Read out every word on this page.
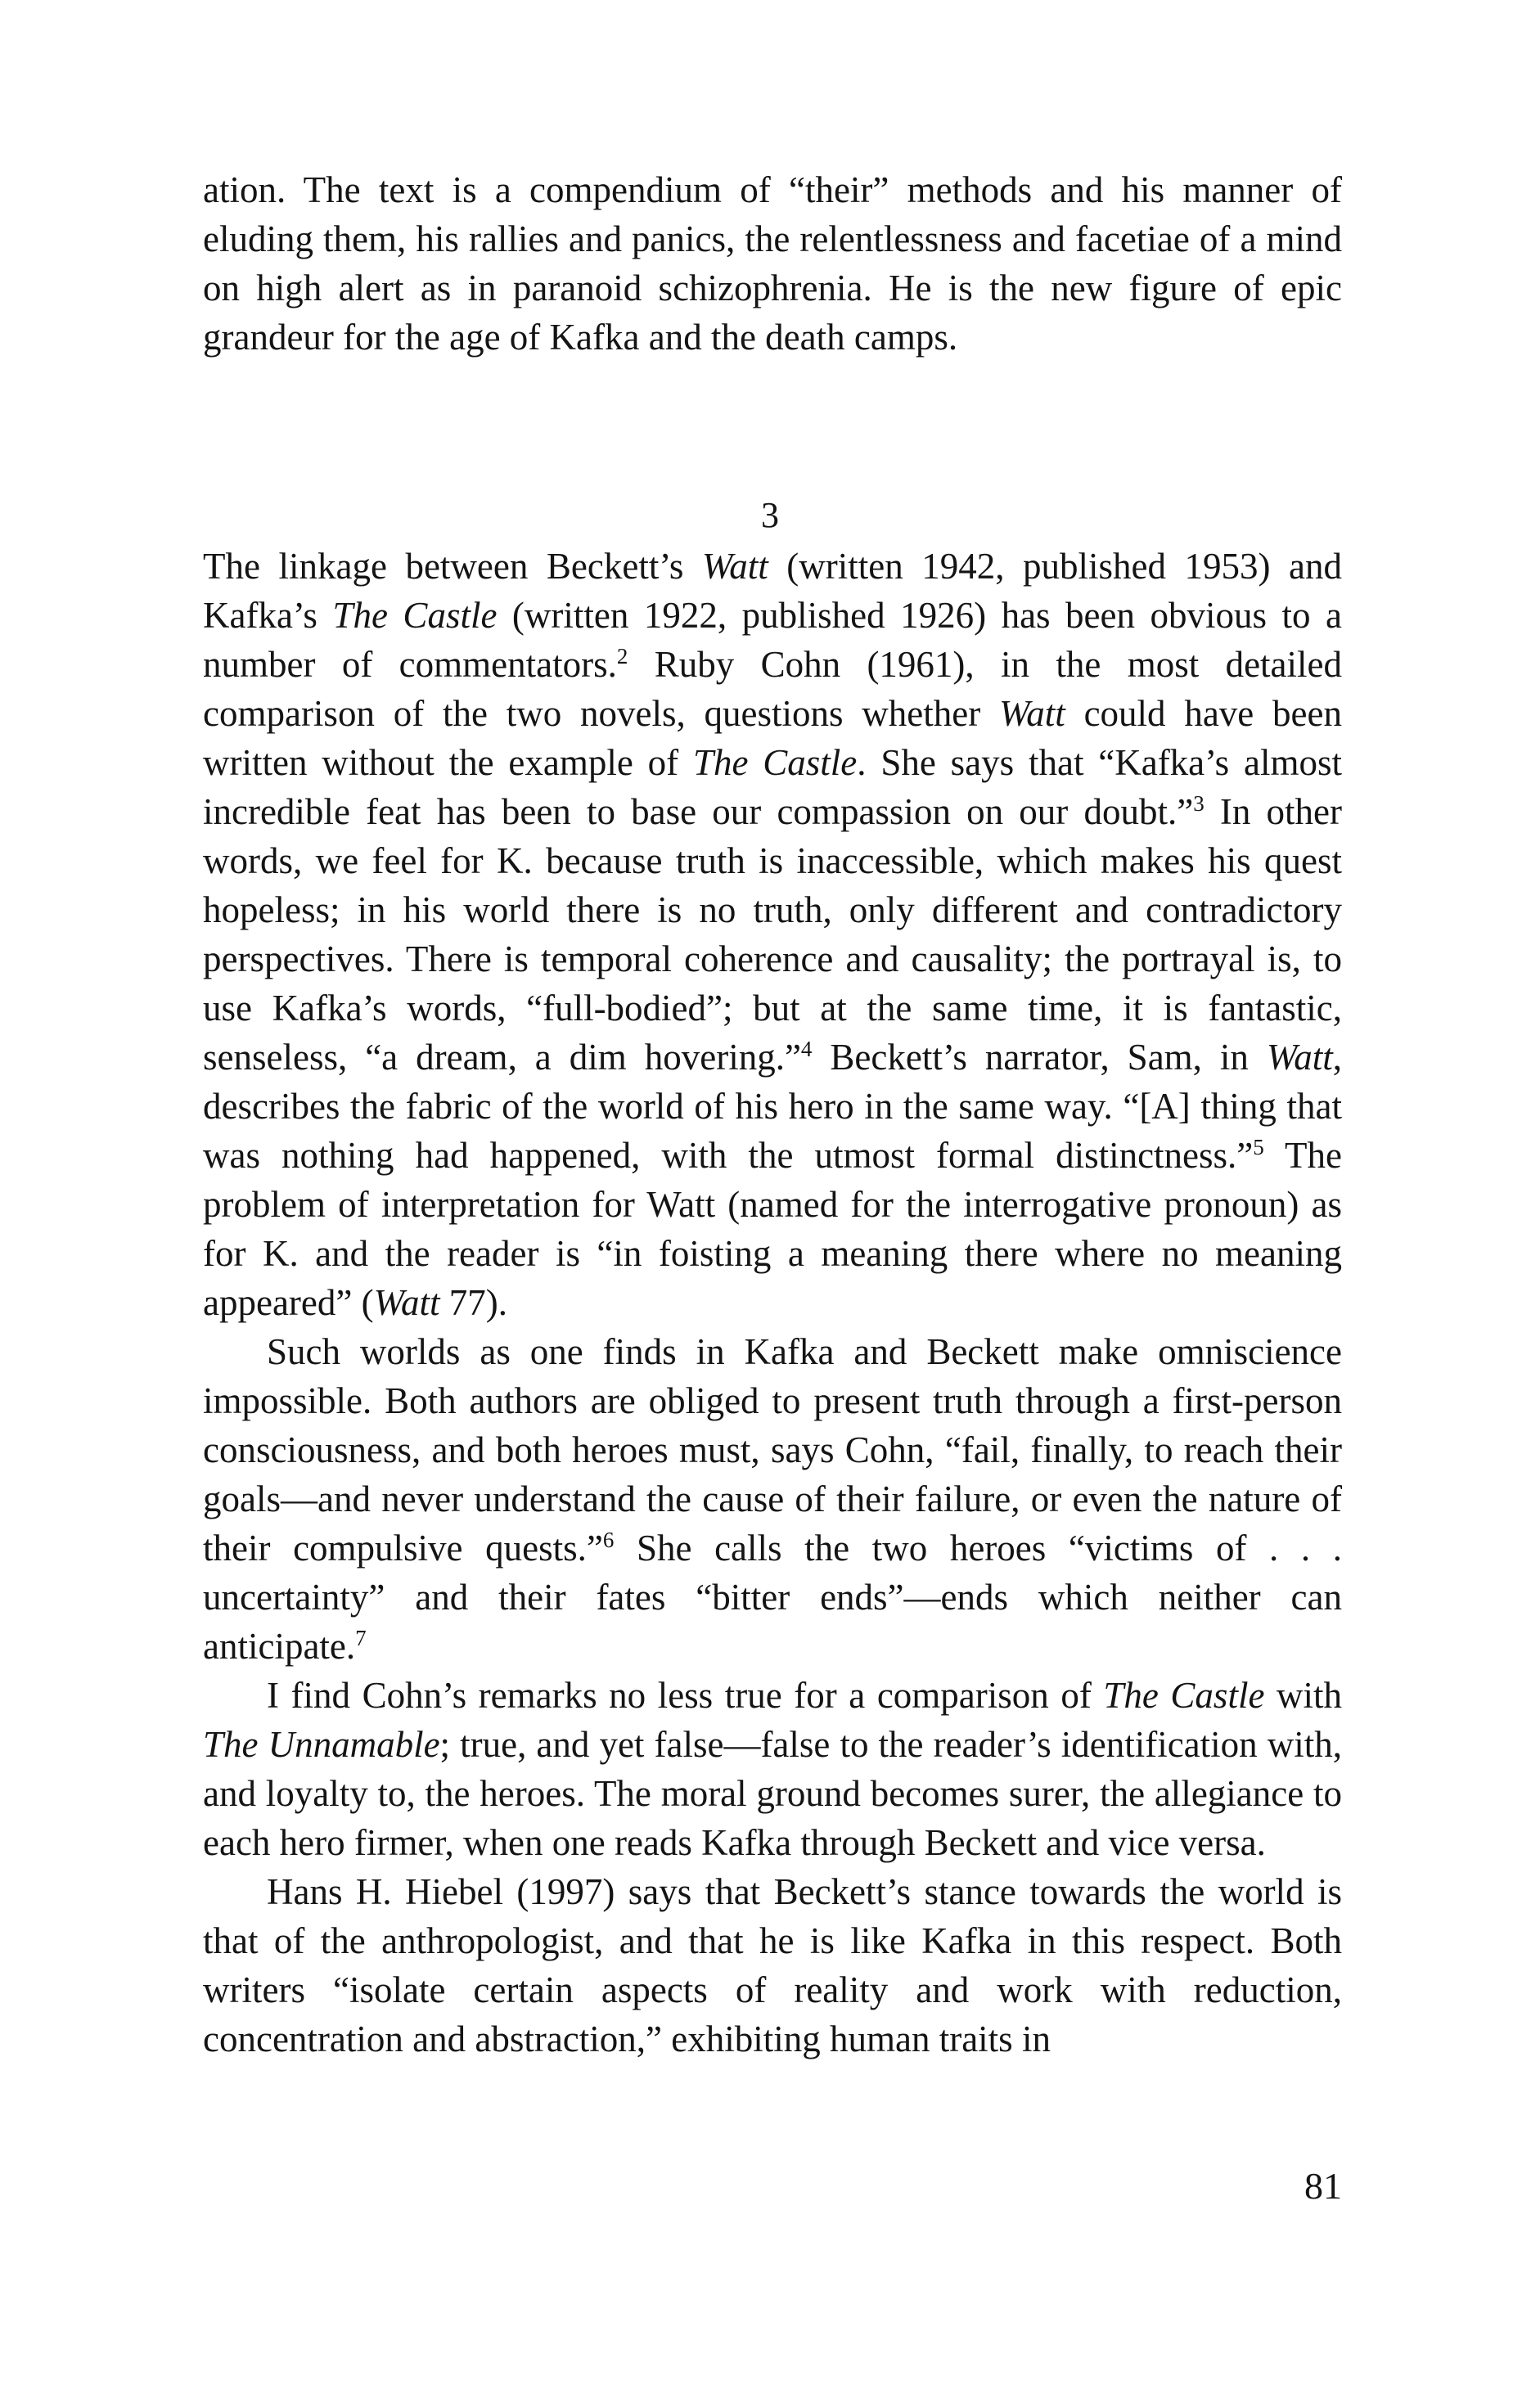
ation. The text is a compendium of “their” methods and his manner of eluding them, his rallies and panics, the relentlessness and facetiae of a mind on high alert as in paranoid schizophrenia. He is the new figure of epic grandeur for the age of Kafka and the death camps.

3

The linkage between Beckett’s Watt (written 1942, published 1953) and Kafka’s The Castle (written 1922, published 1926) has been obvious to a number of commentators.$^2$ Ruby Cohn (1961), in the most detailed comparison of the two novels, questions whether Watt could have been written without the example of The Castle. She says that “Kafka’s almost incredible feat has been to base our compassion on our doubt.”$^3$ In other words, we feel for K. because truth is inaccessible, which makes his quest hopeless; in his world there is no truth, only different and contradictory perspectives. There is temporal coherence and causality; the portrayal is, to use Kafka’s words, “full-bodied”; but at the same time, it is fantastic, senseless, “a dream, a dim hovering.”$^4$ Beckett’s narrator, Sam, in Watt, describes the fabric of the world of his hero in the same way. “[A] thing that was nothing had happened, with the utmost formal distinctness.”$^5$ The problem of interpretation for Watt (named for the interrogative pronoun) as for K. and the reader is “in foisting a meaning there where no meaning appeared” (Watt 77).

Such worlds as one finds in Kafka and Beckett make omniscience impossible. Both authors are obliged to present truth through a first-person consciousness, and both heroes must, says Cohn, “fail, finally, to reach their goals—and never understand the cause of their failure, or even the nature of their compulsive quests.”$^6$ She calls the two heroes “victims of . . . uncertainty” and their fates “bitter ends”—ends which neither can anticipate.$^7$

I find Cohn’s remarks no less true for a comparison of The Castle with The Unnamable; true, and yet false—false to the reader’s identification with, and loyalty to, the heroes. The moral ground becomes surer, the allegiance to each hero firmer, when one reads Kafka through Beckett and vice versa.

Hans H. Hiebel (1997) says that Beckett’s stance towards the world is that of the anthropologist, and that he is like Kafka in this respect. Both writers “isolate certain aspects of reality and work with reduction, concentration and abstraction,” exhibiting human traits in

81
